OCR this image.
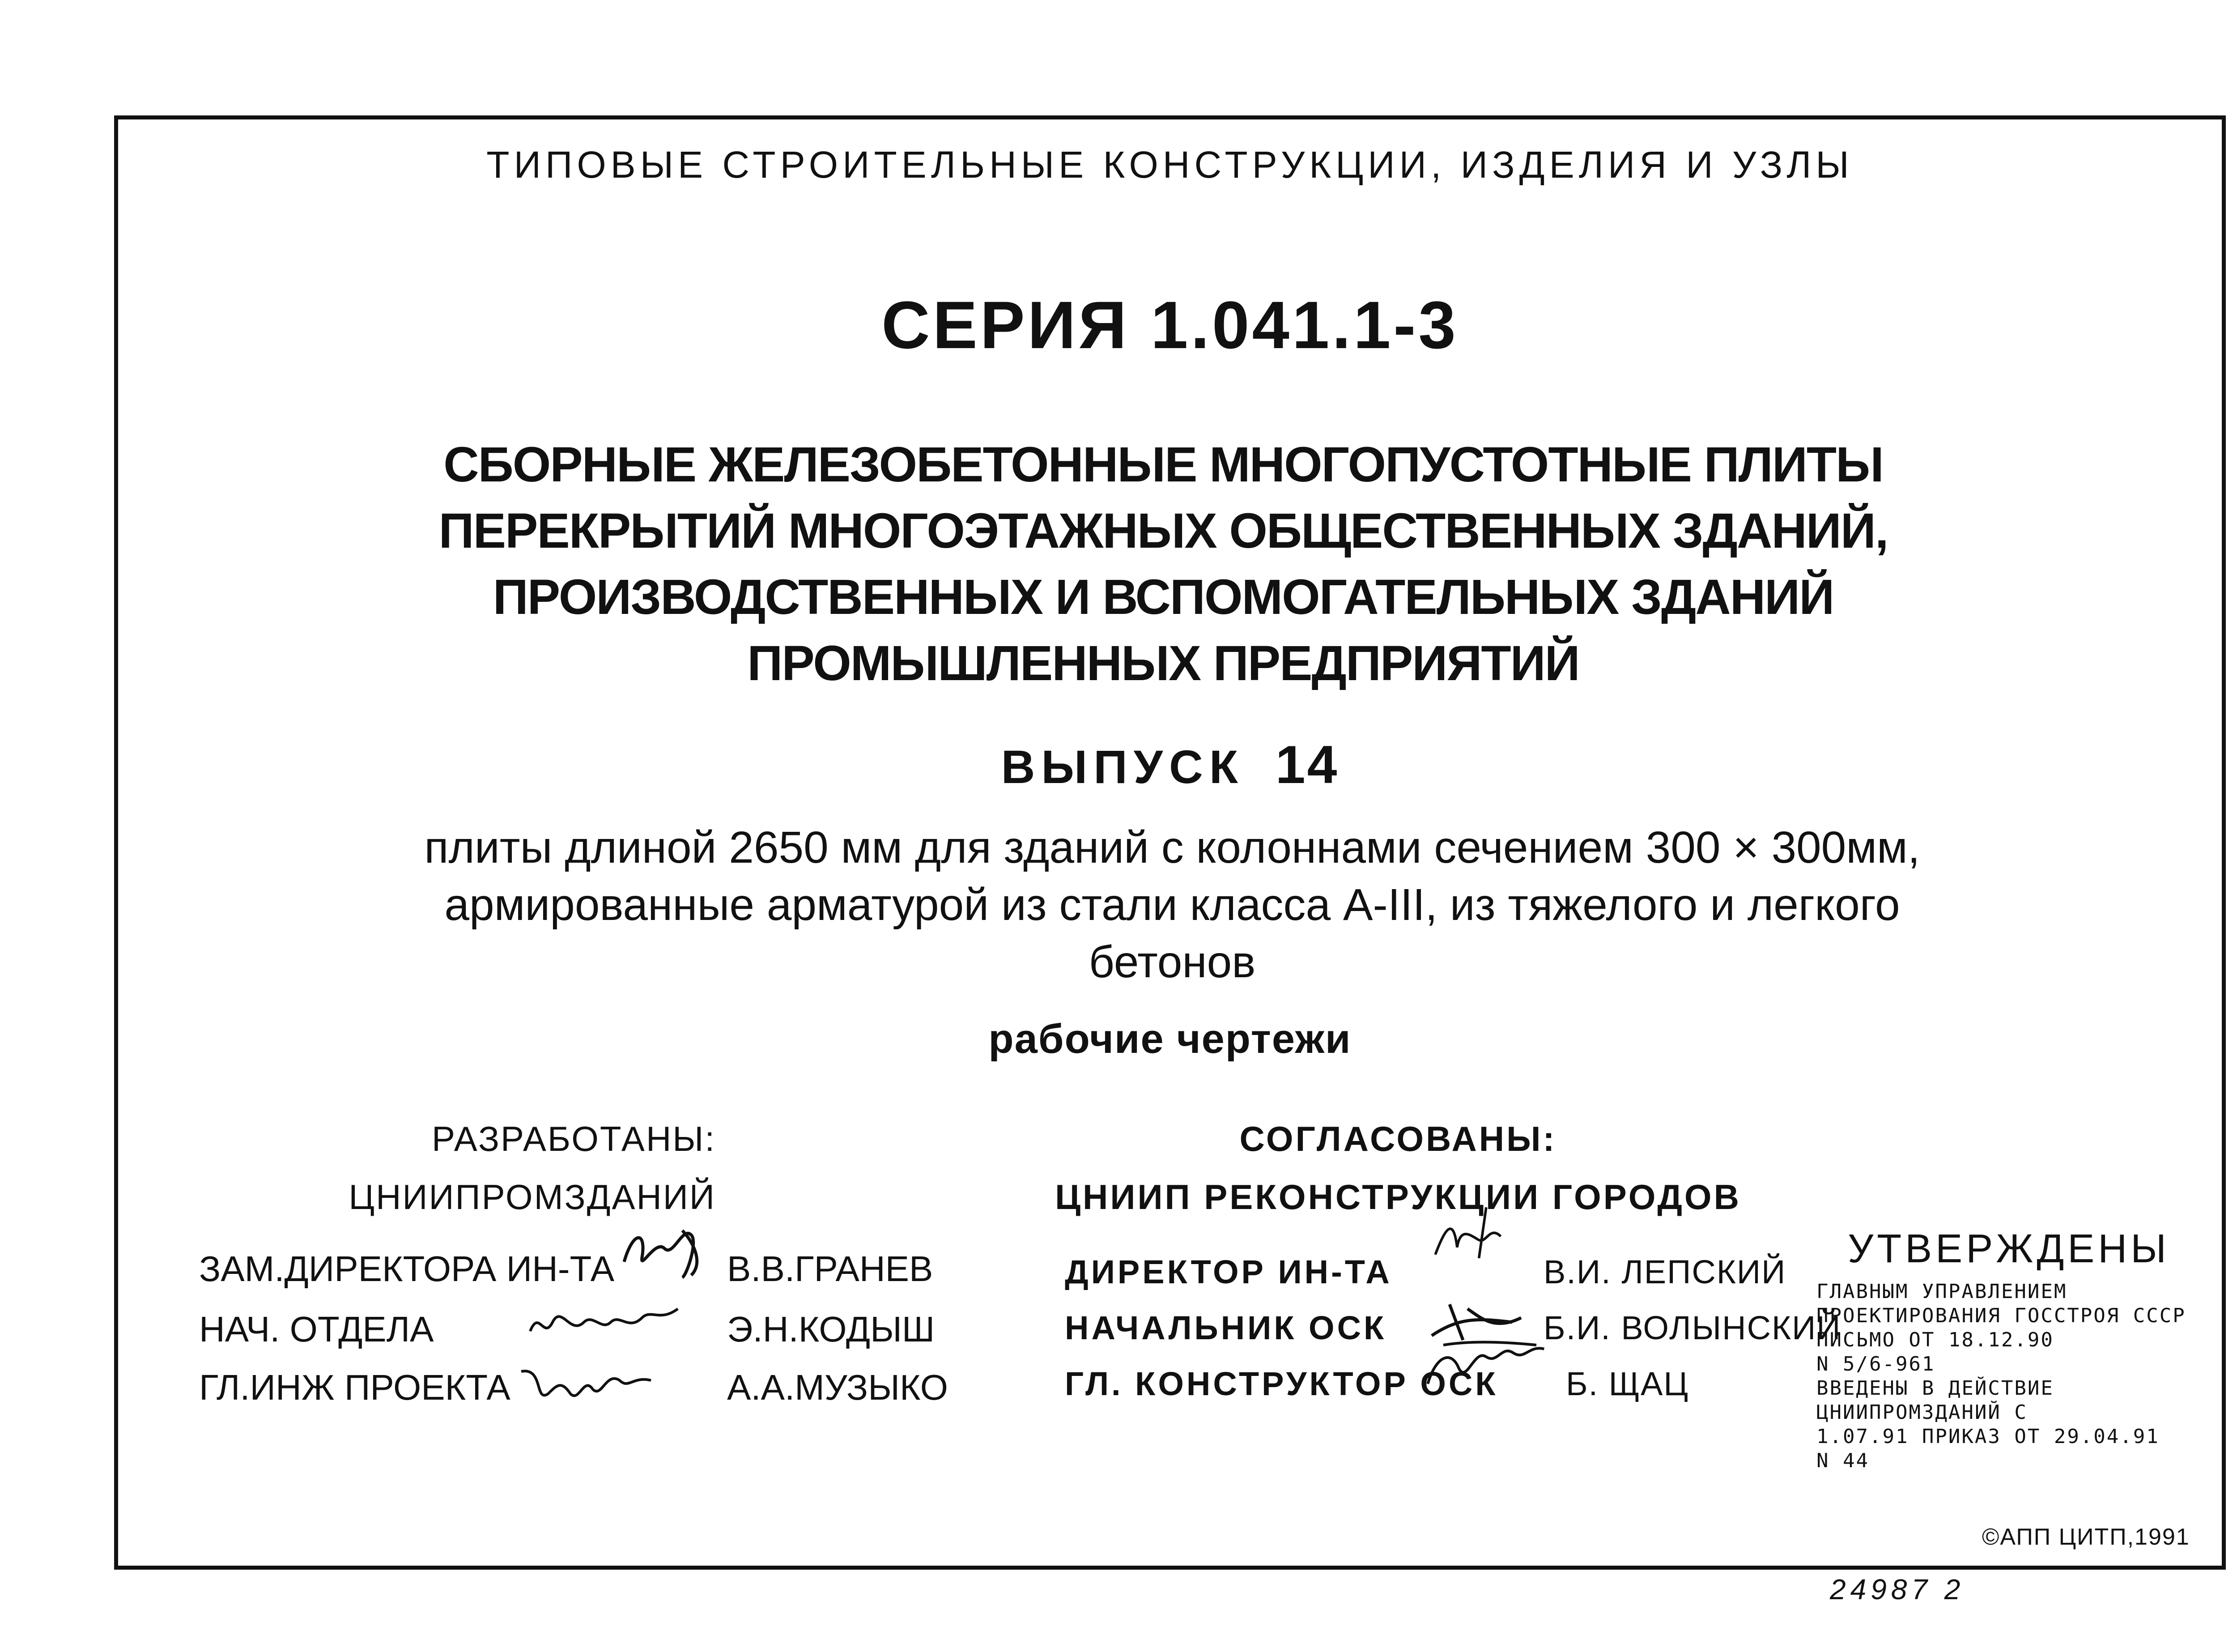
ТИПОВЫЕ СТРОИТЕЛЬНЫЕ КОНСТРУКЦИИ, ИЗДЕЛИЯ И УЗЛЫ
СЕРИЯ 1.041.1-3
СБОРНЫЕ ЖЕЛЕЗОБЕТОННЫЕ МНОГОПУСТОТНЫЕ ПЛИТЫ
ПЕРЕКРЫТИЙ МНОГОЭТАЖНЫХ ОБЩЕСТВЕННЫХ ЗДАНИЙ,
ПРОИЗВОДСТВЕННЫХ И ВСПОМОГАТЕЛЬНЫХ ЗДАНИЙ
ПРОМЫШЛЕННЫХ ПРЕДПРИЯТИЙ
ВЫПУСК 14
плиты длиной 2650 мм для зданий с колоннами сечением 300 × 300мм,
армированные арматурой из стали класса А-III, из тяжелого и легкого
бетонов
рабочие чертежи
РАЗРАБОТАНЫ:
ЦНИИПРОМЗДАНИЙ
СОГЛАСОВАНЫ:
ЦНИИП РЕКОНСТРУКЦИИ ГОРОДОВ
ЗАМ.ДИРЕКТОРА ИН-ТА	В.В.ГРАНЕВ
НАЧ. ОТДЕЛА	Э.Н.КОДЫШ
ГЛ.ИНЖ ПРОЕКТА	А.А.МУЗЫКО
ДИРЕКТОР ИН-ТА	В.И. ЛЕПСКИЙ
НАЧАЛЬНИК ОСК	Б.И. ВОЛЫНСКИЙ
ГЛ. КОНСТРУКТОР ОСК Б. ЩАЦ
УТВЕРЖДЕНЫ
ГЛАВНЫМ УПРАВЛЕНИЕМ
ПРОЕКТИРОВАНИЯ ГОССТРОЯ СССР
ПИСЬМО ОТ 18.12.90
N 5/6-961
ВВЕДЕНЫ В ДЕЙСТВИЕ
ЦНИИПРОМЗДАНИЙ С
1.07.91 ПРИКАЗ ОТ 29.04.91
N 44
©АПП ЦИТП,1991
24987 2
